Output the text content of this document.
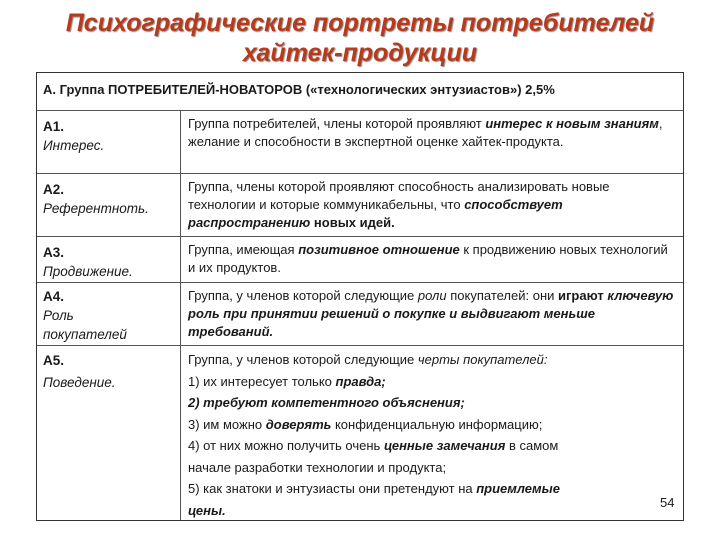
Психографические портреты потребителей
хайтек-продукции
А. Группа ПОТРЕБИТЕЛЕЙ-НОВАТОРОВ («технологических энтузиастов») 2,5%
А1.
Интерес.
Группа потребителей, члены которой проявляют интерес к новым знаниям, желание и способности в экспертной оценке хайтек-продукта.
А2.
Референтноть.
Группа, члены которой проявляют способность анализировать новые технологии и которые коммуникабельны, что способствует распространению новых идей.
А3.
Продвижение.
Группа, имеющая позитивное отношение к продвижению новых технологий и их продуктов.
А4.
Роль
покупателей
Группа, у членов которой следующие роли покупателей: они играют ключевую роль при принятии решений о покупке и выдвигают меньше требований.
А5.
Поведение.
Группа, у членов которой следующие черты покупателей:
1) их интересует только правда;
2) требуют компетентного объяснения;
3) им можно доверять конфиденциальную информацию;
4) от них можно получить очень ценные замечания в самом
начале разработки технологии и продукта;
5) как знатоки и энтузиасты они претендуют на приемлемые
цены.	54
